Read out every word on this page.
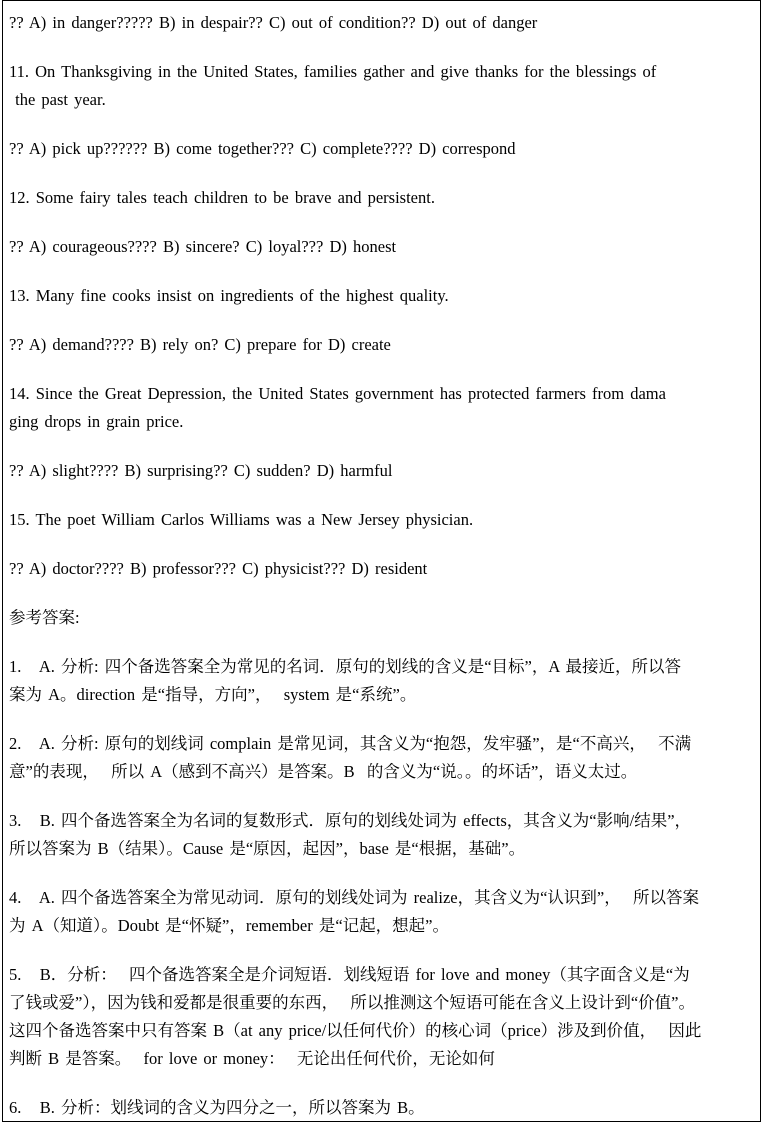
?? A) in danger????? B) in despair?? C) out of condition?? D) out of danger

11. On Thanksgiving in the United States, families gather and give thanks for the blessings of

the past year.

?? A) pick up?????? B) come together??? C) complete???? D) correspond

12. Some fairy tales teach children to be brave and persistent.

?? A) courageous???? B) sincere? C) loyal??? D) honest

13. Many fine cooks insist on ingredients of the highest quality.

?? A) demand???? B) rely on? C) prepare for D) create

14. Since the Great Depression, the United States government has protected farmers from dama

ging drops in grain price.

?? A) slight???? B) surprising?? C) sudden? D) harmful

15. The poet William Carlos Williams was a New Jersey physician.

?? A) doctor???? B) professor??? C) physicist??? D) resident

参考答案:

1.   A. 分析: 四个备选答案全为常见的名词．原句的划线的含义是“目标”，A 最接近，所以答

案为 A。direction 是“指导，方向”，  system 是“系统”。

2.   A. 分析: 原句的划线词 complain 是常见词，其含义为“抱怨，发牢骚”，是“不高兴，  不满

意”的表现，  所以 A（感到不高兴）是答案。B  的含义为“说。。的坏话”，语义太过。

3.   B. 四个备选答案全为名词的复数形式．原句的划线处词为 effects，其含义为“影响/结果”，

所以答案为 B（结果）。Cause 是“原因，起因”，base 是“根据，基础”。

4.   A. 四个备选答案全为常见动词．原句的划线处词为 realize，其含义为“认识到”，  所以答案

为 A（知道）。Doubt 是“怀疑”，remember 是“记起，想起”。

5.   B．分析：  四个备选答案全是介词短语．划线短语 for love and money（其字面含义是“为

了钱或爱”），因为钱和爱都是很重要的东西，  所以推测这个短语可能在含义上设计到“价值”。

这四个备选答案中只有答案 B（at any price/以任何代价）的核心词（price）涉及到价值，  因此

判断 B 是答案。  for love or money：  无论出任何代价，无论如何

6.   B. 分析：划线词的含义为四分之一，所以答案为 B。
